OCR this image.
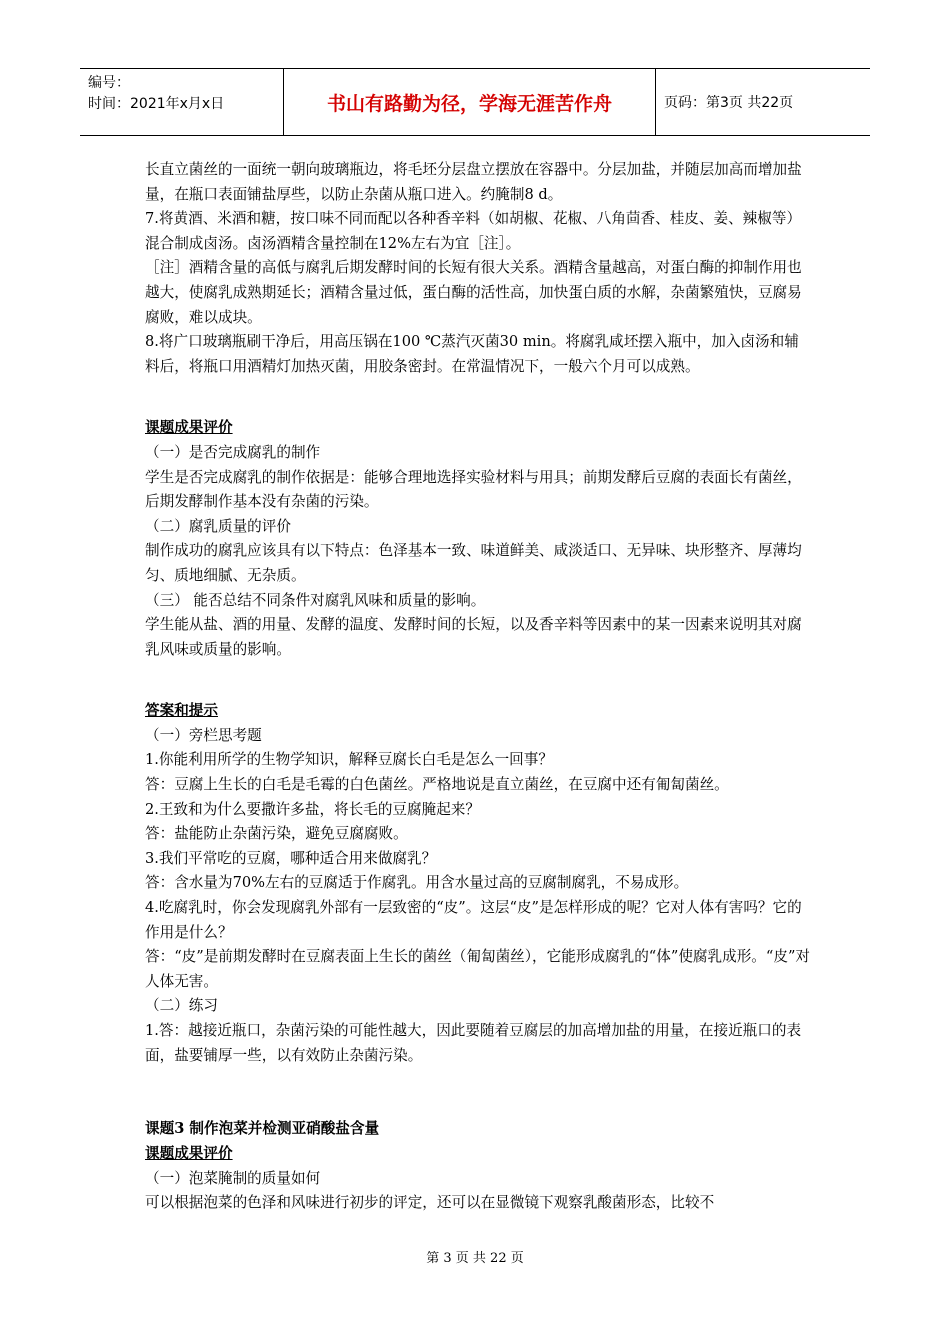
编号：
时间：2021年x月x日	书山有路勤为径，学海无涯苦作舟	页码：第3页 共22页

长直立菌丝的一面统一朝向玻璃瓶边，将毛坯分层盘立摆放在容器中。分层加盐，并随层加高而增加盐量，在瓶口表面铺盐厚些，以防止杂菌从瓶口进入。约腌制8 d。

7.将黄酒、米酒和糖，按口味不同而配以各种香辛料（如胡椒、花椒、八角茴香、桂皮、姜、辣椒等）混合制成卤汤。卤汤酒精含量控制在12%左右为宜［注］。

［注］酒精含量的高低与腐乳后期发酵时间的长短有很大关系。酒精含量越高，对蛋白酶的抑制作用也越大，使腐乳成熟期延长；酒精含量过低，蛋白酶的活性高，加快蛋白质的水解，杂菌繁殖快，豆腐易腐败，难以成块。

8.将广口玻璃瓶刷干净后，用高压锅在100 ℃蒸汽灭菌30 min。将腐乳咸坯摆入瓶中，加入卤汤和辅料后，将瓶口用酒精灯加热灭菌，用胶条密封。在常温情况下，一般六个月可以成熟。

课题成果评价

（一）是否完成腐乳的制作

学生是否完成腐乳的制作依据是：能够合理地选择实验材料与用具；前期发酵后豆腐的表面长有菌丝，后期发酵制作基本没有杂菌的污染。

（二）腐乳质量的评价

制作成功的腐乳应该具有以下特点：色泽基本一致、味道鲜美、咸淡适口、无异味、块形整齐、厚薄均匀、质地细腻、无杂质。

（三） 能否总结不同条件对腐乳风味和质量的影响。

学生能从盐、酒的用量、发酵的温度、发酵时间的长短，以及香辛料等因素中的某一因素来说明其对腐乳风味或质量的影响。

答案和提示

（一）旁栏思考题

1.你能利用所学的生物学知识，解释豆腐长白毛是怎么一回事？

答：豆腐上生长的白毛是毛霉的白色菌丝。严格地说是直立菌丝，在豆腐中还有匍匐菌丝。

2.王致和为什么要撒许多盐，将长毛的豆腐腌起来？

答：盐能防止杂菌污染，避免豆腐腐败。

3.我们平常吃的豆腐，哪种适合用来做腐乳？

答：含水量为70%左右的豆腐适于作腐乳。用含水量过高的豆腐制腐乳，不易成形。

4.吃腐乳时，你会发现腐乳外部有一层致密的“皮”。这层“皮”是怎样形成的呢？它对人体有害吗？它的作用是什么？

答：“皮”是前期发酵时在豆腐表面上生长的菌丝（匍匐菌丝），它能形成腐乳的“体”使腐乳成形。“皮”对人体无害。

（二）练习

1.答：越接近瓶口，杂菌污染的可能性越大，因此要随着豆腐层的加高增加盐的用量，在接近瓶口的表面，盐要铺厚一些，以有效防止杂菌污染。

课题3 制作泡菜并检测亚硝酸盐含量

课题成果评价

（一）泡菜腌制的质量如何

可以根据泡菜的色泽和风味进行初步的评定，还可以在显微镜下观察乳酸菌形态，比较不

第 3 页 共 22 页
